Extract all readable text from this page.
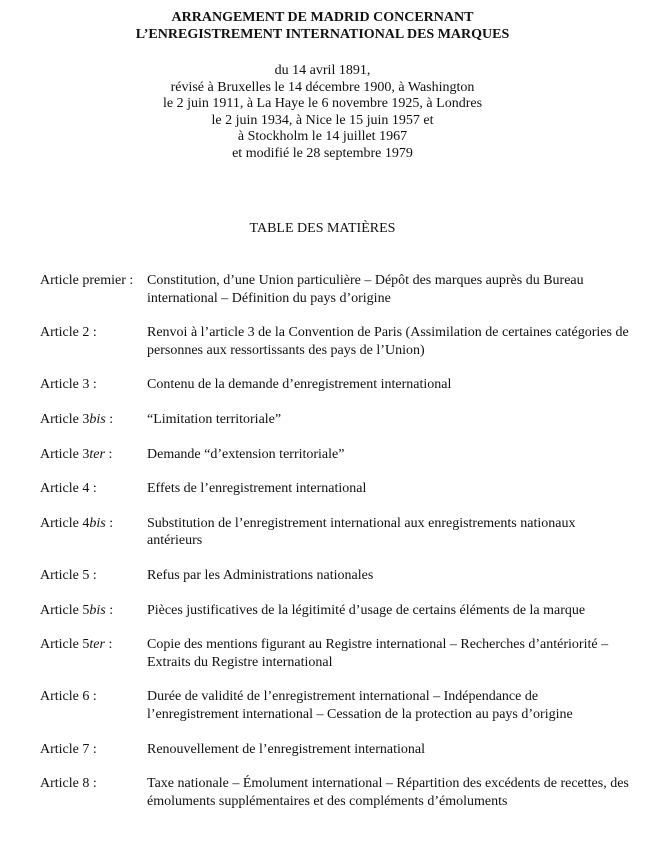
ARRANGEMENT DE MADRID CONCERNANT
L’ENREGISTREMENT INTERNATIONAL DES MARQUES
du 14 avril 1891,
révisé à Bruxelles le 14 décembre 1900, à Washington
le 2 juin 1911, à La Haye le 6 novembre 1925, à Londres
le 2 juin 1934, à Nice le 15 juin 1957 et
à Stockholm le 14 juillet 1967
et modifié le 28 septembre 1979
TABLE DES MATIÈRES
Article premier : Constitution, d’une Union particulière – Dépôt des marques auprès du Bureau international – Définition du pays d’origine
Article 2 :	Renvoi à l’article 3 de la Convention de Paris (Assimilation de certaines catégories de personnes aux ressortissants des pays de l’Union)
Article 3 :	Contenu de la demande d’enregistrement international
Article 3bis :	“Limitation territoriale”
Article 3ter :	Demande “d’extension territoriale”
Article 4 :	Effets de l’enregistrement international
Article 4bis :	Substitution de l’enregistrement international aux enregistrements nationaux antérieurs
Article 5 :	Refus par les Administrations nationales
Article 5bis :	Pièces justificatives de la légitimité d’usage de certains éléments de la marque
Article 5ter :	Copie des mentions figurant au Registre international – Recherches d’antériorité – Extraits du Registre international
Article 6 :	Durée de validité de l’enregistrement international – Indépendance de l’enregistrement international – Cessation de la protection au pays d’origine
Article 7 :	Renouvellement de l’enregistrement international
Article 8 :	Taxe nationale – Émolument international – Répartition des excédents de recettes, des émoluments supplémentaires et des compléments d’émoluments
